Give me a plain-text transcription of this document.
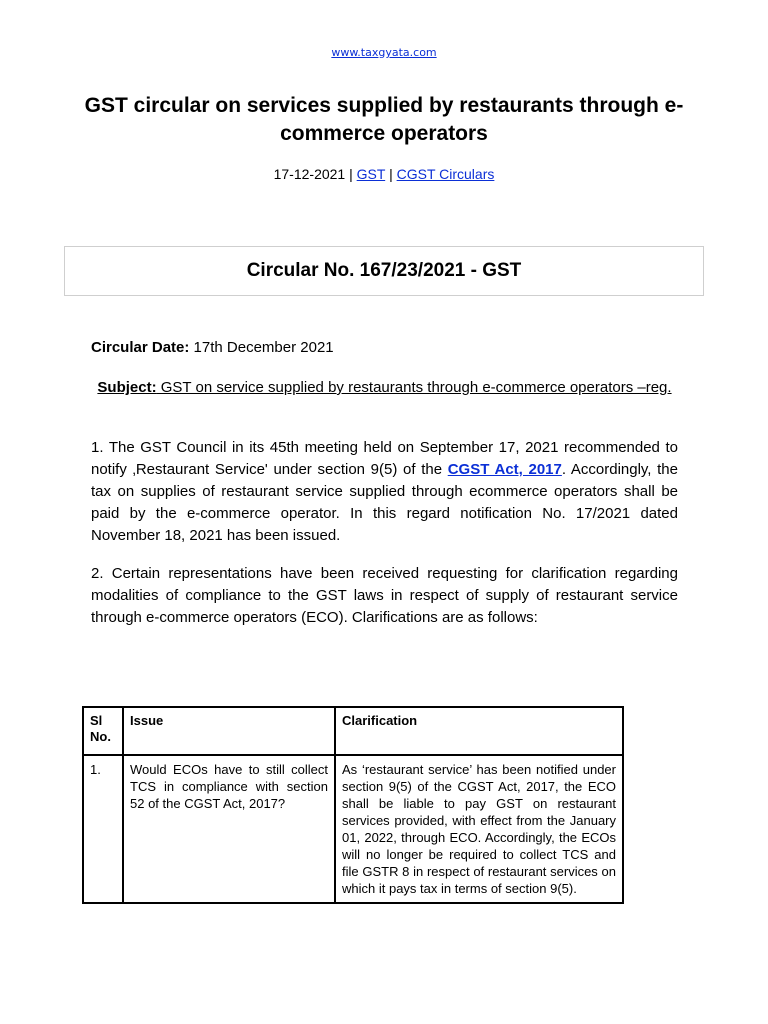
www.taxgyata.com
GST circular on services supplied by restaurants through e-commerce operators
17-12-2021 | GST | CGST Circulars
Circular No. 167/23/2021 - GST
Circular Date: 17th December 2021
Subject: GST on service supplied by restaurants through e-commerce operators –reg.

1. The GST Council in its 45th meeting held on September 17, 2021 recommended to notify ‚Restaurant Service' under section 9(5) of the CGST Act, 2017. Accordingly, the tax on supplies of restaurant service supplied through ecommerce operators shall be paid by the e-commerce operator. In this regard notification No. 17/2021 dated November 18, 2021 has been issued.

2. Certain representations have been received requesting for clarification regarding modalities of compliance to the GST laws in respect of supply of restaurant service through e-commerce operators (ECO). Clarifications are as follows:

Sl No.	Issue	Clarification
1.	Would ECOs have to still collect TCS in compliance with section 52 of the CGST Act, 2017?	As ‘restaurant service’ has been notified under section 9(5) of the CGST Act, 2017, the ECO shall be liable to pay GST on restaurant services provided, with effect from the January 01, 2022, through ECO. Accordingly, the ECOs will no longer be required to collect TCS and file GSTR 8 in respect of restaurant services on which it pays tax in terms of section 9(5).
